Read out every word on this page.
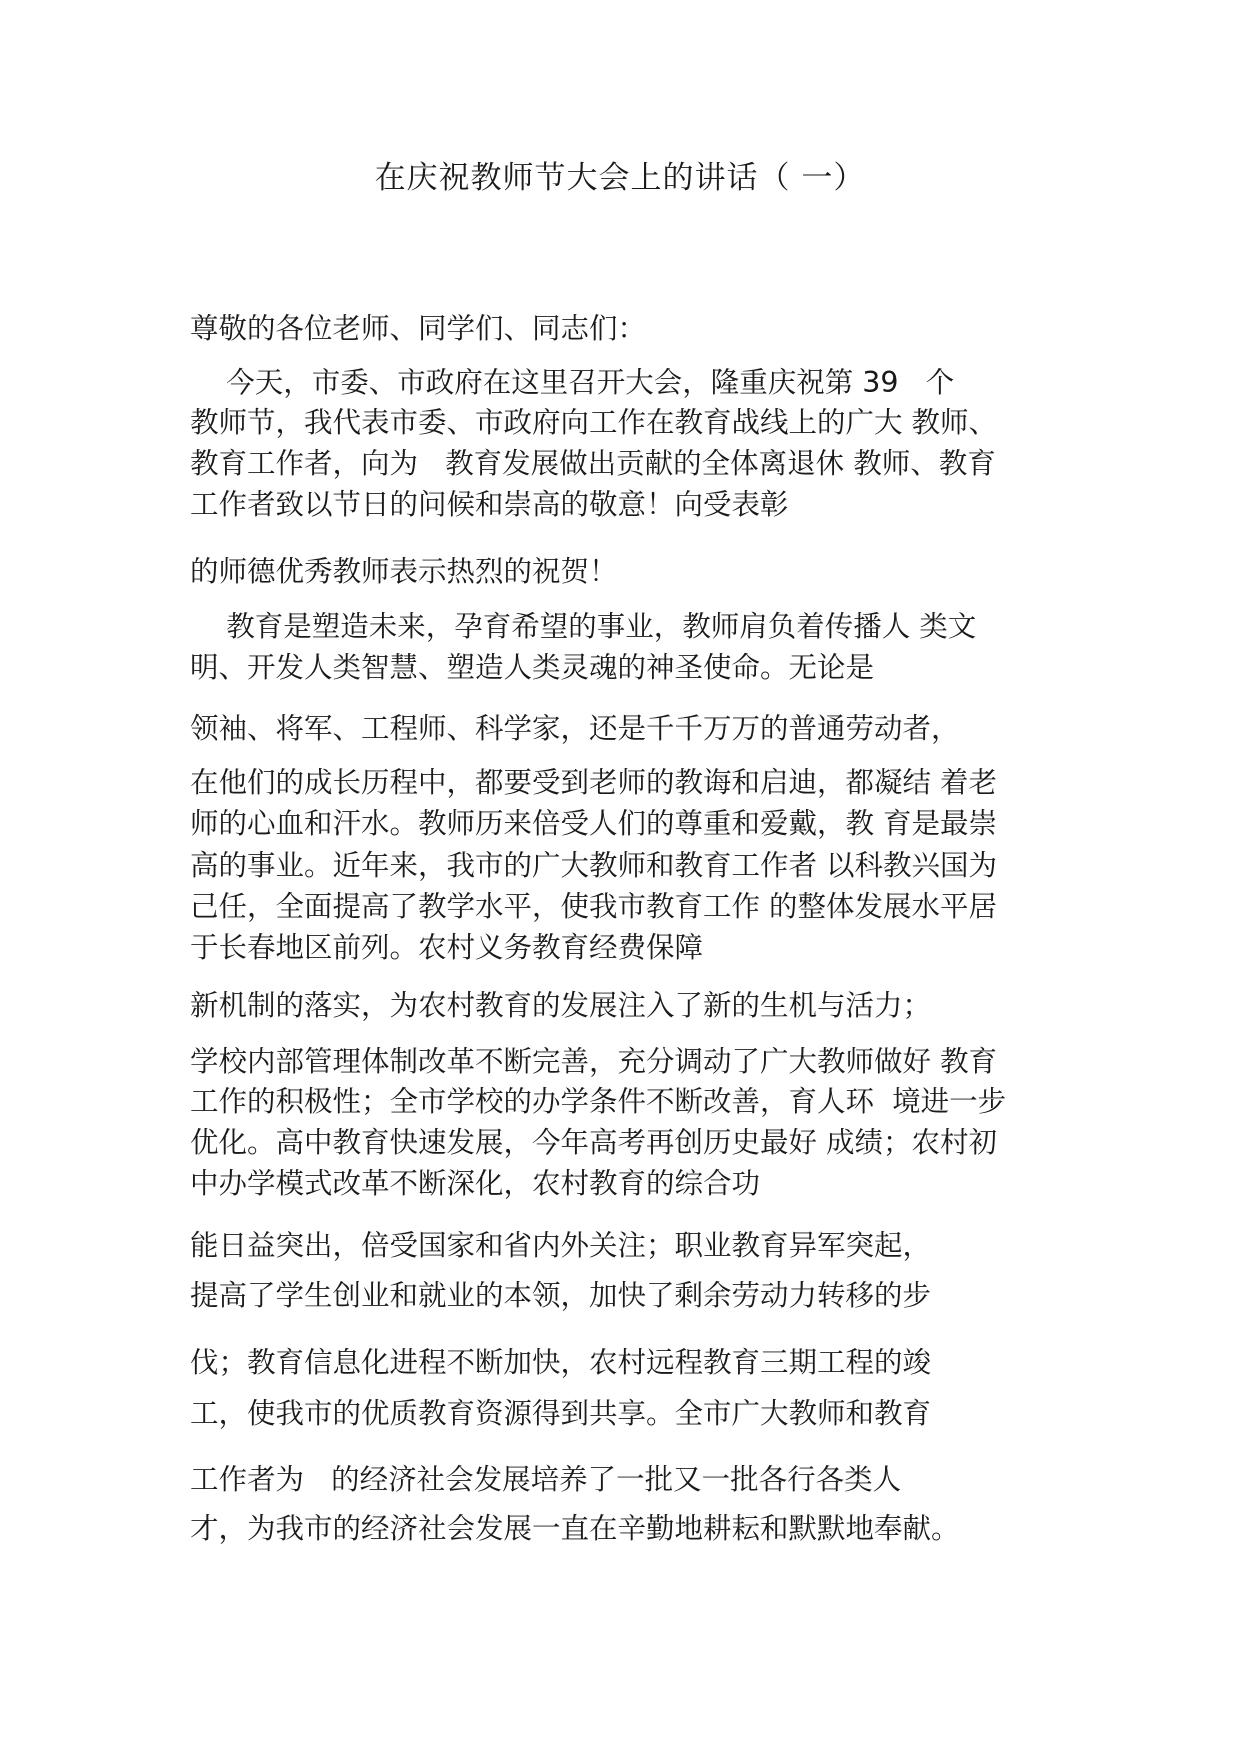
在庆祝教师节大会上的讲话（ 一）
尊敬的各位老师、同学们、同志们：
今天，市委、市政府在这里召开大会，隆重庆祝第 39   个
教师节，我代表市委、市政府向工作在教育战线上的广大 教师、
教育工作者，向为   教育发展做出贡献的全体离退休 教师、教育
工作者致以节日的问候和崇高的敬意！向受表彰
的师德优秀教师表示热烈的祝贺！
教育是塑造未来，孕育希望的事业，教师肩负着传播人 类文
明、开发人类智慧、塑造人类灵魂的神圣使命。无论是
领袖、将军、工程师、科学家，还是千千万万的普通劳动者，
在他们的成长历程中，都要受到老师的教诲和启迪，都凝结 着老
师的心血和汗水。教师历来倍受人们的尊重和爱戴，教 育是最崇
高的事业。近年来，我市的广大教师和教育工作者 以科教兴国为
己任，全面提高了教学水平，使我市教育工作 的整体发展水平居
于长春地区前列。农村义务教育经费保障
新机制的落实，为农村教育的发展注入了新的生机与活力；
学校内部管理体制改革不断完善，充分调动了广大教师做好 教育
工作的积极性；全市学校的办学条件不断改善，育人环  境进一步
优化。高中教育快速发展，今年高考再创历史最好 成绩；农村初
中办学模式改革不断深化，农村教育的综合功
能日益突出，倍受国家和省内外关注；职业教育异军突起，
提高了学生创业和就业的本领，加快了剩余劳动力转移的步
伐；教育信息化进程不断加快，农村远程教育三期工程的竣
工，使我市的优质教育资源得到共享。全市广大教师和教育
工作者为   的经济社会发展培养了一批又一批各行各类人
才，为我市的经济社会发展一直在辛勤地耕耘和默默地奉献。
